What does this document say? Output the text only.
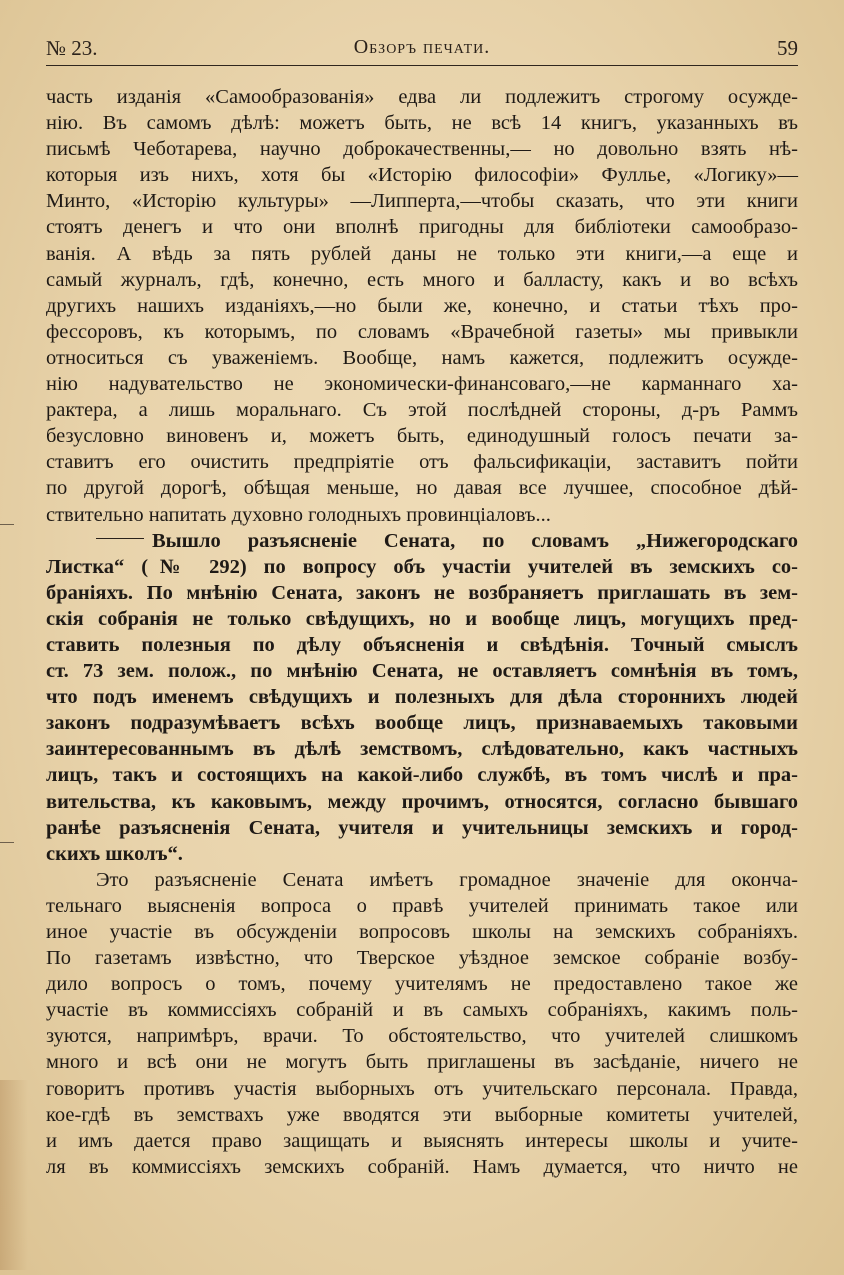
№ 23.	Обзоръ печати.	59
часть изданія «Самообразованія» едва ли подлежитъ строгому осужде-
нію. Въ самомъ дѣлѣ: можетъ быть, не всѣ 14 книгъ, указанныхъ въ
письмѣ Чеботарева, научно доброкачественны,— но довольно взять нѣ-
которыя изъ нихъ, хотя бы «Исторію философіи» Фуллье, «Логику»—
Минто, «Исторію культуры» —Липперта,—чтобы сказать, что эти книги
стоятъ денегъ и что они вполнѣ пригодны для библіотеки самообразо-
ванія. А вѣдь за пять рублей даны не только эти книги,—а еще и
самый журналъ, гдѣ, конечно, есть много и балласту, какъ и во всѣхъ
другихъ нашихъ изданіяхъ,—но были же, конечно, и статьи тѣхъ про-
фессоровъ, къ которымъ, по словамъ «Врачебной газеты» мы привыкли
относиться съ уваженіемъ. Вообще, намъ кажется, подлежитъ осужде-
нію надувательство не экономически-финансоваго,—не карманнаго ха-
рактера, а лишь моральнаго. Съ этой послѣдней стороны, д-ръ Раммъ
безусловно виновенъ и, можетъ быть, единодушный голосъ печати за-
ставитъ его очистить предпріятіе отъ фальсификаціи, заставитъ пойти
по другой дорогѣ, обѣщая меньше, но давая все лучшее, способное дѣй-
ствительно напитать духовно голодныхъ провинціаловъ...
Вышло разъясненіе Сената, по словамъ „Нижегородскаго
Листка“ (№ 292) по вопросу объ участіи учителей въ земскихъ со-
браніяхъ. По мнѣнію Сената, законъ не возбраняетъ приглашать въ зем-
скія собранія не только свѣдущихъ, но и вообще лицъ, могущихъ пред-
ставить полезныя по дѣлу объясненія и свѣдѣнія. Точный смыслъ
ст. 73 зем. полож., по мнѣнію Сената, не оставляетъ сомнѣнія въ томъ,
что подъ именемъ свѣдущихъ и полезныхъ для дѣла стороннихъ людей
законъ подразумѣваетъ всѣхъ вообще лицъ, признаваемыхъ таковыми
заинтересованнымъ въ дѣлѣ земствомъ, слѣдовательно, какъ частныхъ
лицъ, такъ и состоящихъ на какой-либо службѣ, въ томъ числѣ и пра-
вительства, къ каковымъ, между прочимъ, относятся, согласно бывшаго
ранѣе разъясненія Сената, учителя и учительницы земскихъ и город-
скихъ школъ“.
Это разъясненіе Сената имѣетъ громадное значеніе для оконча-
тельнаго выясненія вопроса о правѣ учителей принимать такое или
иное участіе въ обсужденіи вопросовъ школы на земскихъ собраніяхъ.
По газетамъ извѣстно, что Тверское уѣздное земское собраніе возбу-
дило вопросъ о томъ, почему учителямъ не предоставлено такое же
участіе въ коммиссіяхъ собраній и въ самыхъ собраніяхъ, какимъ поль-
зуются, напримѣръ, врачи. То обстоятельство, что учителей слишкомъ
много и всѣ они не могутъ быть приглашены въ засѣданіе, ничего не
говоритъ противъ участія выборныхъ отъ учительскаго персонала. Правда,
кое-гдѣ въ земствахъ уже вводятся эти выборные комитеты учителей,
и имъ дается право защищать и выяснять интересы школы и учите-
ля въ коммиссіяхъ земскихъ собраній. Намъ думается, что ничто не
